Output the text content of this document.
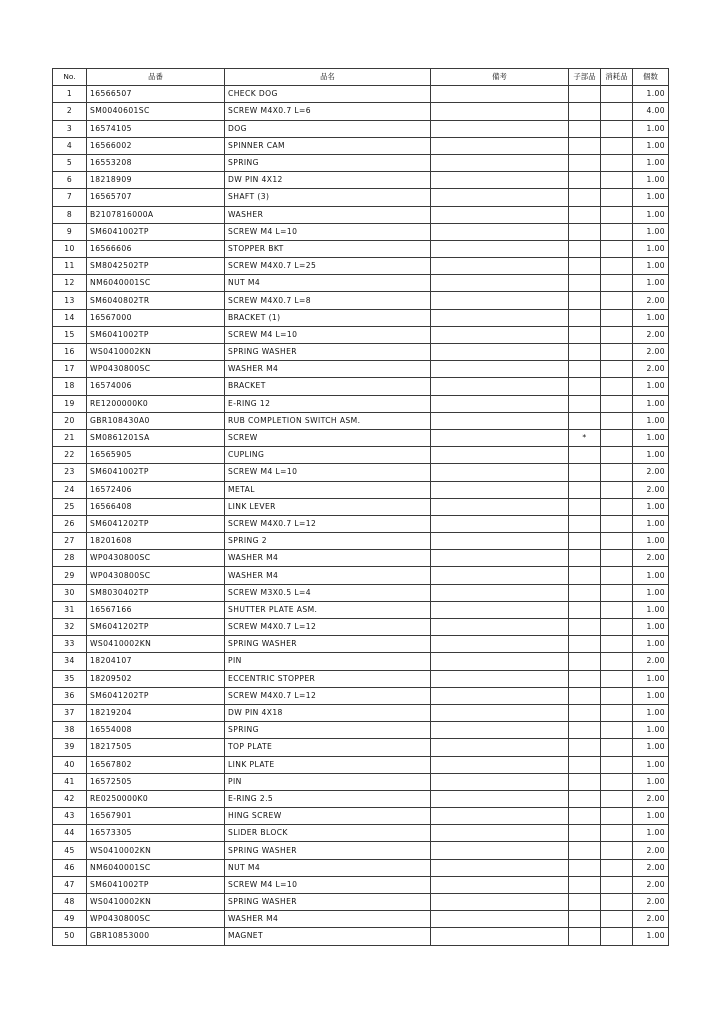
No.	品番	品名	備考	子部品	消耗品	個数
1	16566507	CHECK DOG				1.00
2	SM0040601SC	SCREW M4X0.7 L=6				4.00
3	16574105	DOG				1.00
4	16566002	SPINNER CAM				1.00
5	16553208	SPRING				1.00
6	18218909	DW PIN 4X12				1.00
7	16565707	SHAFT (3)				1.00
8	B2107816000A	WASHER				1.00
9	SM6041002TP	SCREW M4 L=10				1.00
10	16566606	STOPPER BKT				1.00
11	SM8042502TP	SCREW M4X0.7 L=25				1.00
12	NM6040001SC	NUT M4				1.00
13	SM6040802TR	SCREW M4X0.7 L=8				2.00
14	16567000	BRACKET (1)				1.00
15	SM6041002TP	SCREW M4 L=10				2.00
16	WS0410002KN	SPRING WASHER				2.00
17	WP0430800SC	WASHER M4				2.00
18	16574006	BRACKET				1.00
19	RE1200000K0	E-RING 12				1.00
20	GBR108430A0	RUB COMPLETION SWITCH ASM.				1.00
21	SM0861201SA	SCREW		*		1.00
22	16565905	CUPLING				1.00
23	SM6041002TP	SCREW M4 L=10				2.00
24	16572406	METAL				2.00
25	16566408	LINK LEVER				1.00
26	SM6041202TP	SCREW M4X0.7 L=12				1.00
27	18201608	SPRING 2				1.00
28	WP0430800SC	WASHER M4				2.00
29	WP0430800SC	WASHER M4				1.00
30	SM8030402TP	SCREW M3X0.5 L=4				1.00
31	16567166	SHUTTER PLATE ASM.				1.00
32	SM6041202TP	SCREW M4X0.7 L=12				1.00
33	WS0410002KN	SPRING WASHER				1.00
34	18204107	PIN				2.00
35	18209502	ECCENTRIC STOPPER				1.00
36	SM6041202TP	SCREW M4X0.7 L=12				1.00
37	18219204	DW PIN 4X18				1.00
38	16554008	SPRING				1.00
39	18217505	TOP PLATE				1.00
40	16567802	LINK PLATE				1.00
41	16572505	PIN				1.00
42	RE0250000K0	E-RING 2.5				2.00
43	16567901	HING SCREW				1.00
44	16573305	SLIDER BLOCK				1.00
45	WS0410002KN	SPRING WASHER				2.00
46	NM6040001SC	NUT M4				2.00
47	SM6041002TP	SCREW M4 L=10				2.00
48	WS0410002KN	SPRING WASHER				2.00
49	WP0430800SC	WASHER M4				2.00
50	GBR10853000	MAGNET				1.00
